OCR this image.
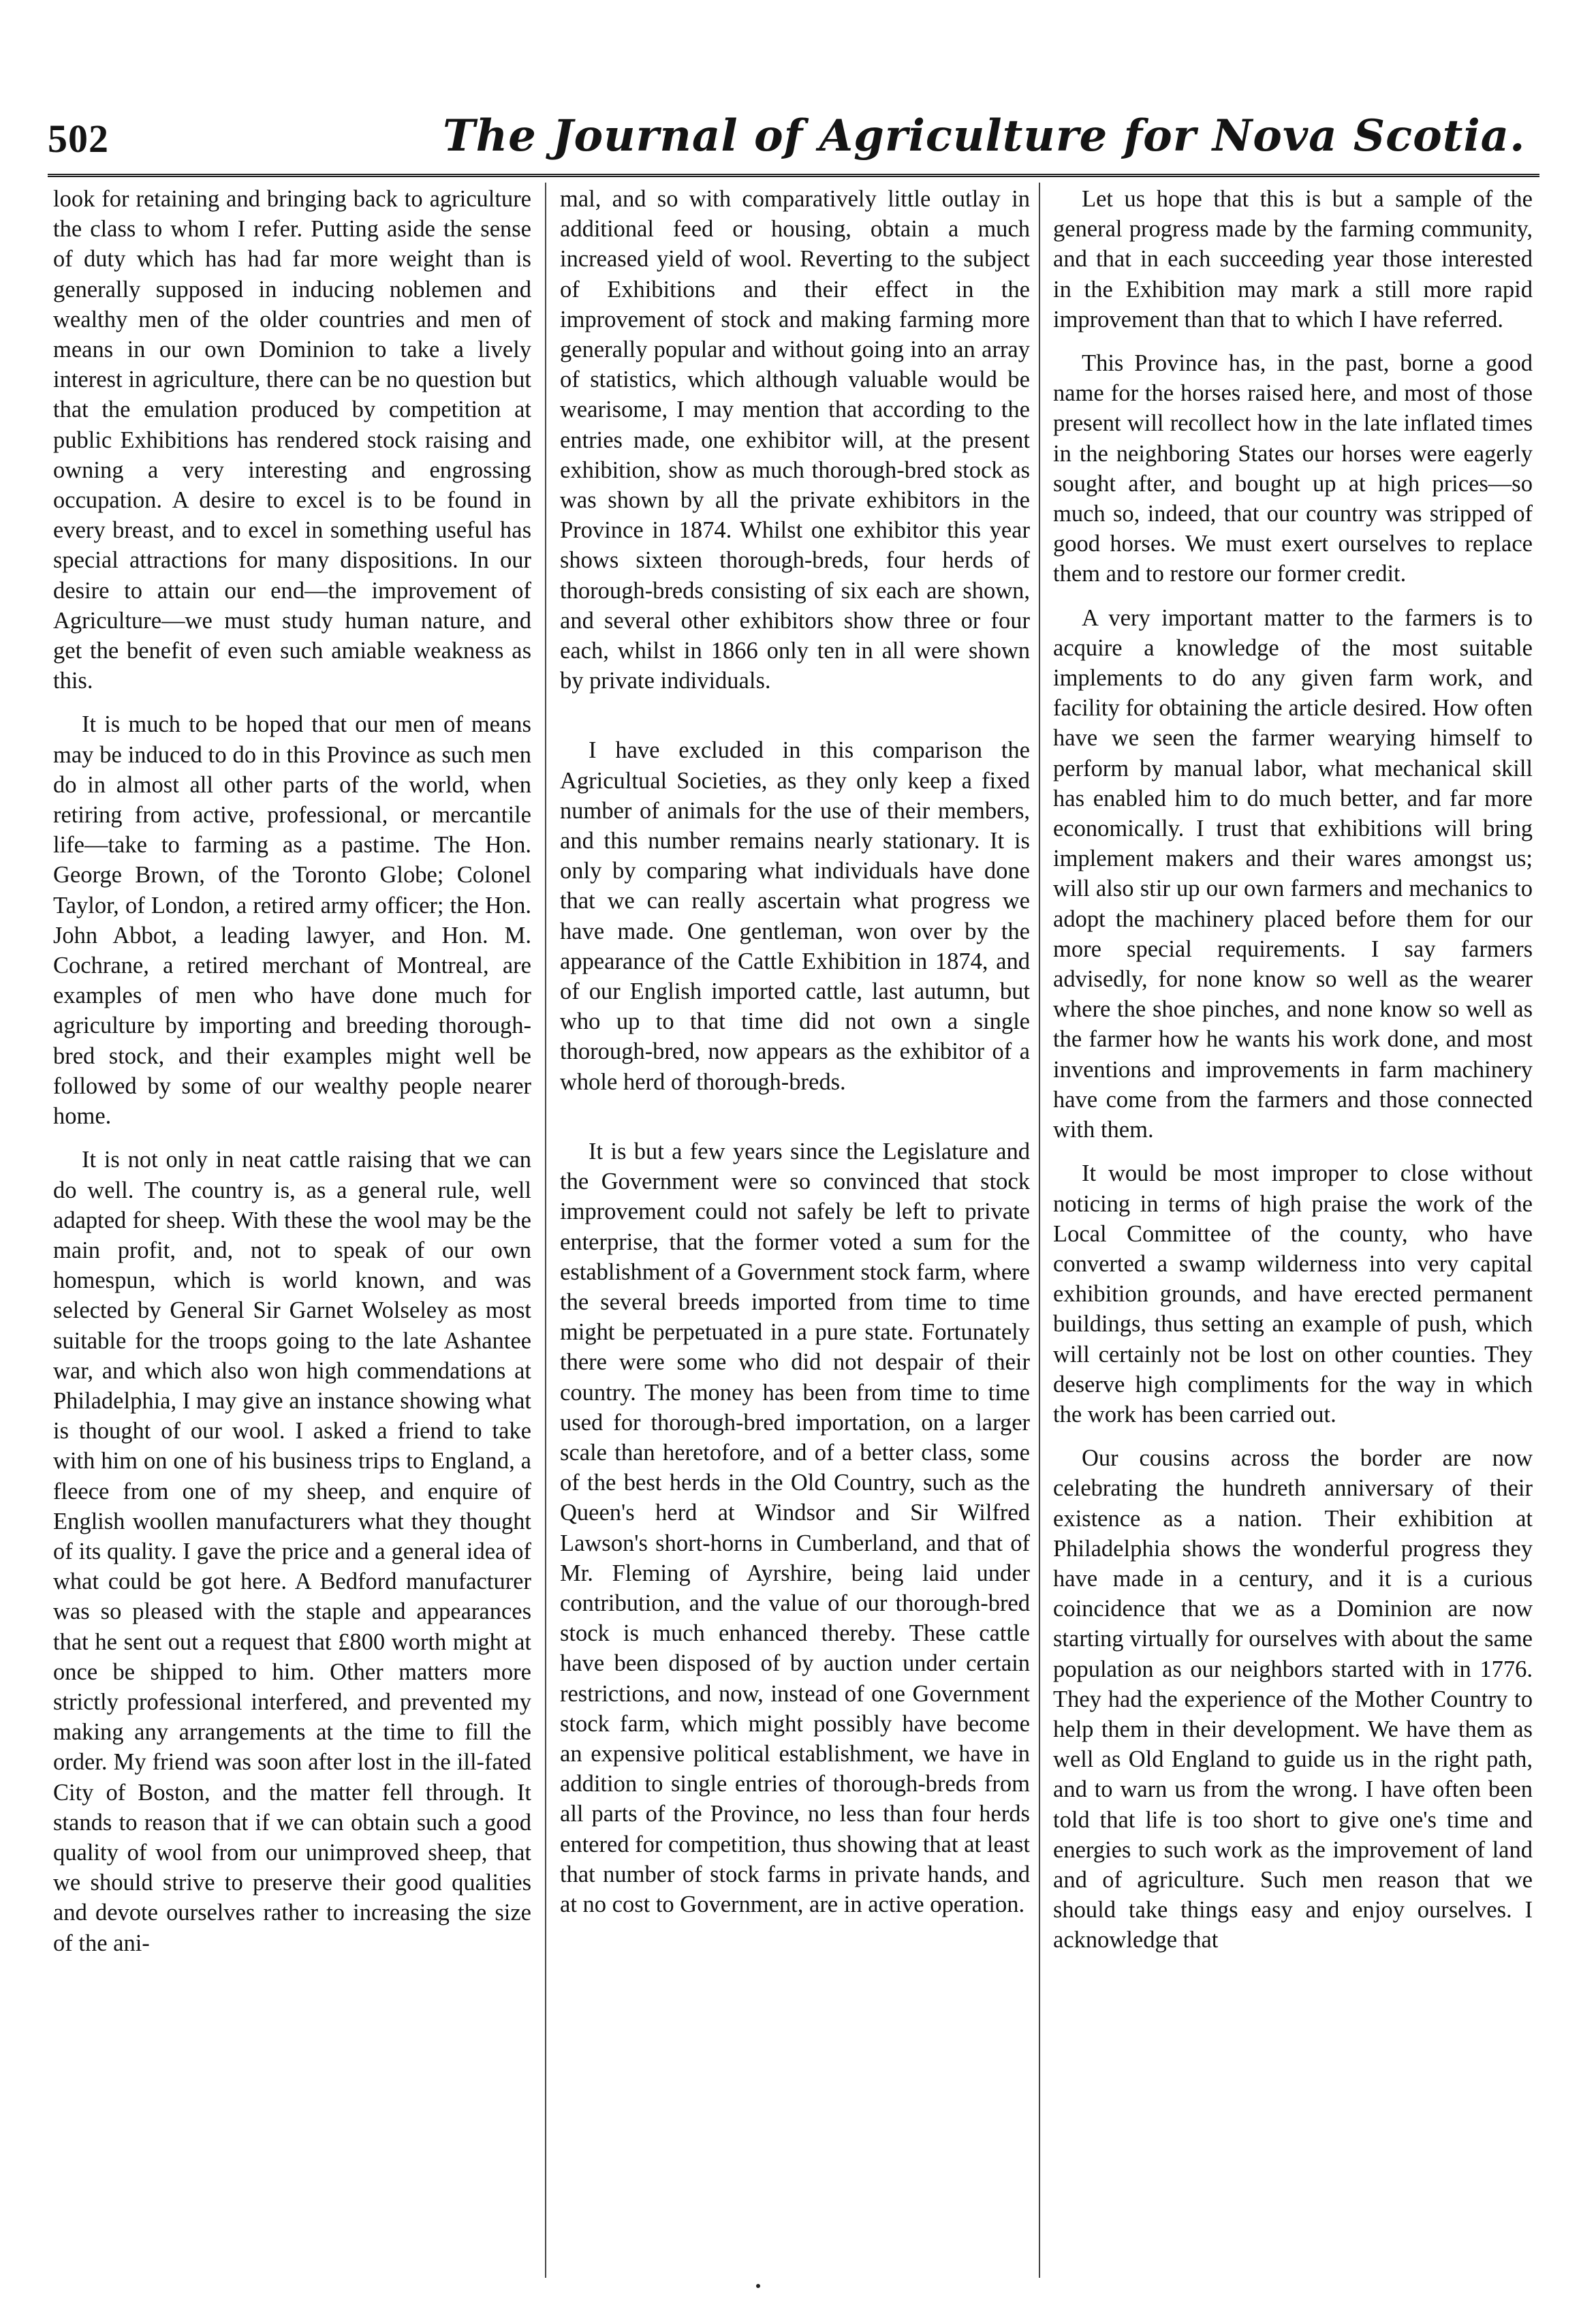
502	The Journal of Agriculture for Nova Scotia.

look for retaining and bringing back to agriculture the class to whom I refer. Putting aside the sense of duty which has had far more weight than is generally supposed in inducing noblemen and wealthy men of the older countries and men of means in our own Dominion to take a lively interest in agriculture, there can be no question but that the emulation produced by competition at public Exhibitions has rendered stock raising and owning a very interesting and engrossing occupation. A desire to excel is to be found in every breast, and to excel in something useful has special attractions for many dispositions. In our desire to attain our end—the improvement of Agriculture—we must study human nature, and get the benefit of even such amiable weakness as this.

It is much to be hoped that our men of means may be induced to do in this Province as such men do in almost all other parts of the world, when retiring from active, professional, or mercantile life—take to farming as a pastime. The Hon. George Brown, of the Toronto Globe; Colonel Taylor, of London, a retired army officer; the Hon. John Abbot, a leading lawyer, and Hon. M. Cochrane, a retired merchant of Montreal, are examples of men who have done much for agriculture by importing and breeding thorough-bred stock, and their examples might well be followed by some of our wealthy people nearer home.

It is not only in neat cattle raising that we can do well. The country is, as a general rule, well adapted for sheep. With these the wool may be the main profit, and, not to speak of our own homespun, which is world known, and was selected by General Sir Garnet Wolseley as most suitable for the troops going to the late Ashantee war, and which also won high commendations at Philadelphia, I may give an instance showing what is thought of our wool. I asked a friend to take with him on one of his business trips to England, a fleece from one of my sheep, and enquire of English woollen manufacturers what they thought of its quality. I gave the price and a general idea of what could be got here. A Bedford manufacturer was so pleased with the staple and appearances that he sent out a request that £800 worth might at once be shipped to him. Other matters more strictly professional interfered, and prevented my making any arrangements at the time to fill the order. My friend was soon after lost in the ill-fated City of Boston, and the matter fell through. It stands to reason that if we can obtain such a good quality of wool from our unimproved sheep, that we should strive to preserve their good qualities and devote ourselves rather to increasing the size of the ani-

mal, and so with comparatively little outlay in additional feed or housing, obtain a much increased yield of wool. Reverting to the subject of Exhibitions and their effect in the improvement of stock and making farming more generally popular and without going into an array of statistics, which although valuable would be wearisome, I may mention that according to the entries made, one exhibitor will, at the present exhibition, show as much thorough-bred stock as was shown by all the private exhibitors in the Province in 1874. Whilst one exhibitor this year shows sixteen thorough-breds, four herds of thorough-breds consisting of six each are shown, and several other exhibitors show three or four each, whilst in 1866 only ten in all were shown by private individuals.

I have excluded in this comparison the Agricultual Societies, as they only keep a fixed number of animals for the use of their members, and this number remains nearly stationary. It is only by comparing what individuals have done that we can really ascertain what progress we have made. One gentleman, won over by the appearance of the Cattle Exhibition in 1874, and of our English imported cattle, last autumn, but who up to that time did not own a single thorough-bred, now appears as the exhibitor of a whole herd of thorough-breds.

It is but a few years since the Legislature and the Government were so convinced that stock improvement could not safely be left to private enterprise, that the former voted a sum for the establishment of a Government stock farm, where the several breeds imported from time to time might be perpetuated in a pure state. Fortunately there were some who did not despair of their country. The money has been from time to time used for thorough-bred importation, on a larger scale than heretofore, and of a better class, some of the best herds in the Old Country, such as the Queen's herd at Windsor and Sir Wilfred Lawson's short-horns in Cumberland, and that of Mr. Fleming of Ayrshire, being laid under contribution, and the value of our thorough-bred stock is much enhanced thereby. These cattle have been disposed of by auction under certain restrictions, and now, instead of one Government stock farm, which might possibly have become an expensive political establishment, we have in addition to single entries of thorough-breds from all parts of the Province, no less than four herds entered for competition, thus showing that at least that number of stock farms in private hands, and at no cost to Government, are in active operation.

Let us hope that this is but a sample of the general progress made by the farming community, and that in each succeeding year those interested in the Exhibition may mark a still more rapid improvement than that to which I have referred.

This Province has, in the past, borne a good name for the horses raised here, and most of those present will recollect how in the late inflated times in the neighboring States our horses were eagerly sought after, and bought up at high prices—so much so, indeed, that our country was stripped of good horses. We must exert ourselves to replace them and to restore our former credit.

A very important matter to the farmers is to acquire a knowledge of the most suitable implements to do any given farm work, and facility for obtaining the article desired. How often have we seen the farmer wearying himself to perform by manual labor, what mechanical skill has enabled him to do much better, and far more economically. I trust that exhibitions will bring implement makers and their wares amongst us; will also stir up our own farmers and mechanics to adopt the machinery placed before them for our more special requirements. I say farmers advisedly, for none know so well as the wearer where the shoe pinches, and none know so well as the farmer how he wants his work done, and most inventions and improvements in farm machinery have come from the farmers and those connected with them.

It would be most improper to close without noticing in terms of high praise the work of the Local Committee of the county, who have converted a swamp wilderness into very capital exhibition grounds, and have erected permanent buildings, thus setting an example of push, which will certainly not be lost on other counties. They deserve high compliments for the way in which the work has been carried out.

Our cousins across the border are now celebrating the hundreth anniversary of their existence as a nation. Their exhibition at Philadelphia shows the wonderful progress they have made in a century, and it is a curious coincidence that we as a Dominion are now starting virtually for ourselves with about the same population as our neighbors started with in 1776. They had the experience of the Mother Country to help them in their development. We have them as well as Old England to guide us in the right path, and to warn us from the wrong. I have often been told that life is too short to give one's time and energies to such work as the improvement of land and of agriculture. Such men reason that we should take things easy and enjoy ourselves. I acknowledge that
